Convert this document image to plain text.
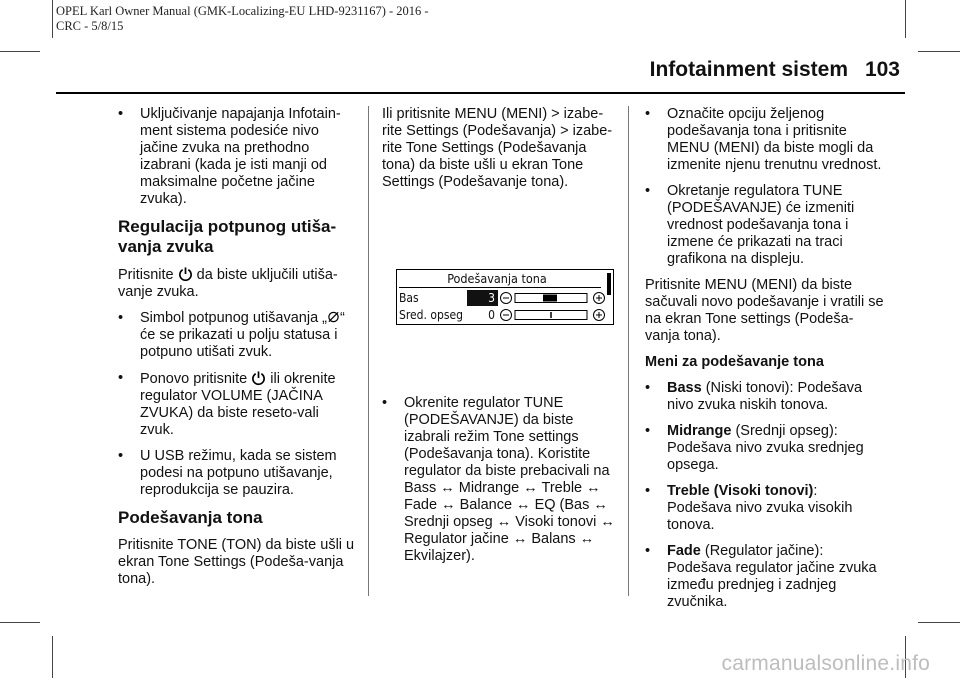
OPEL Karl Owner Manual (GMK-Localizing-EU LHD-9231167) - 2016 -
CRC - 5/8/15
Infotainment sistem 103
• Uključivanje napajanja Infotain-ment sistema podesiće nivo jačine zvuka na prethodno izabrani (kada je isti manji od maksimalne početne jačine zvuka).
Regulacija potpunog utiša-vanja zvuka
Pritisnite da biste uključili utiša-vanje zvuka.
• Simbol potpunog utišavanja „ “ će se prikazati u polju statusa i potpuno utišati zvuk.
• Ponovo pritisnite ili okrenite regulator VOLUME (JAČINA ZVUKA) da biste reseto-vali zvuk.
• U USB režimu, kada se sistem podesi na potpuno utišavanje, reprodukcija se pauzira.
Podešavanja tona
Pritisnite TONE (TON) da biste ušli u ekran Tone Settings (Podeša-vanja tona).
Ili pritisnite MENU (MENI) > izabe-rite Settings (Podešavanja) > izabe-rite Tone Settings (Podešavanja tona) da biste ušli u ekran Tone Settings (Podešavanje tona).
Podešavanja tona
Bas	3
Sred. opseg	0
• Okrenite regulator TUNE (PODEŠAVANJE) da biste izabrali režim Tone settings (Podešavanja tona). Koristite regulator da biste prebacivali na Bass ↔ Midrange ↔ Treble ↔ Fade ↔ Balance ↔ EQ (Bas ↔ Srednji opseg ↔ Visoki tonovi ↔ Regulator jačine ↔ Balans ↔ Ekvilajzer).
• Označite opciju željenog podešavanja tona i pritisnite MENU (MENI) da biste mogli da izmenite njenu trenutnu vrednost.
• Okretanje regulatora TUNE (PODEŠAVANJE) će izmeniti vrednost podešavanja tona i izmene će prikazati na traci grafikona na displeju.
Pritisnite MENU (MENI) da biste sačuvali novo podešavanje i vratili se na ekran Tone settings (Podeša-vanja tona).
Meni za podešavanje tona
• Bass (Niski tonovi): Podešava nivo zvuka niskih tonova.
• Midrange (Srednji opseg): Podešava nivo zvuka srednjeg opsega.
• Treble (Visoki tonovi): Podešava nivo zvuka visokih tonova.
• Fade (Regulator jačine): Podešava regulator jačine zvuka između prednjeg i zadnjeg zvučnika.
carmanualsonline.info
